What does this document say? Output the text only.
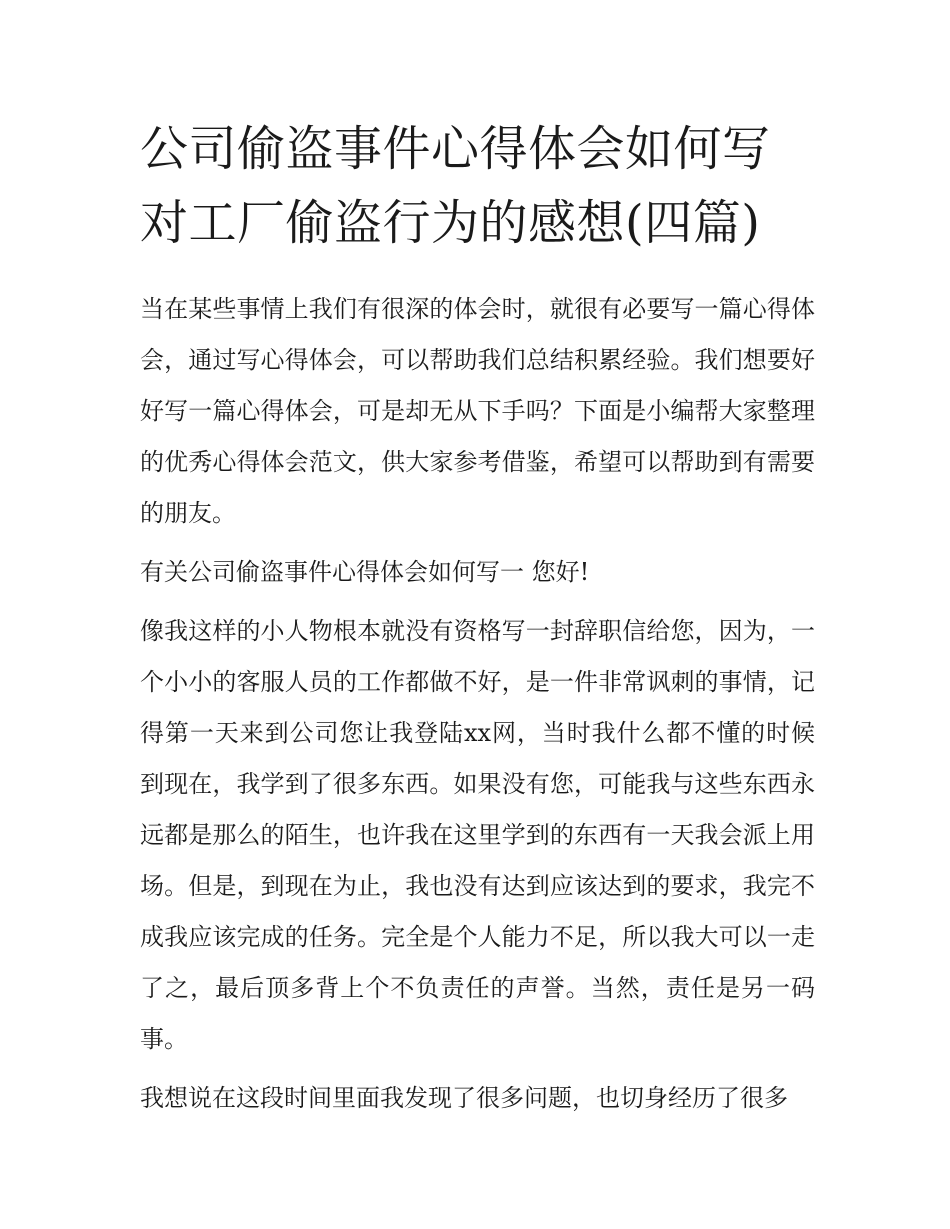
公司偷盗事件心得体会如何写
对工厂偷盗行为的感想(四篇)

当在某些事情上我们有很深的体会时，就很有必要写一篇心得体会，通过写心得体会，可以帮助我们总结积累经验。我们想要好好写一篇心得体会，可是却无从下手吗？下面是小编帮大家整理的优秀心得体会范文，供大家参考借鉴，希望可以帮助到有需要的朋友。

有关公司偷盗事件心得体会如何写一 您好!

像我这样的小人物根本就没有资格写一封辞职信给您，因为，一个小小的客服人员的工作都做不好，是一件非常讽刺的事情，记得第一天来到公司您让我登陆xx网，当时我什么都不懂的时候到现在，我学到了很多东西。如果没有您，可能我与这些东西永远都是那么的陌生，也许我在这里学到的东西有一天我会派上用场。但是，到现在为止，我也没有达到应该达到的要求，我完不成我应该完成的任务。完全是个人能力不足，所以我大可以一走了之，最后顶多背上个不负责任的声誉。当然，责任是另一码事。

我想说在这段时间里面我发现了很多问题，也切身经历了很多
